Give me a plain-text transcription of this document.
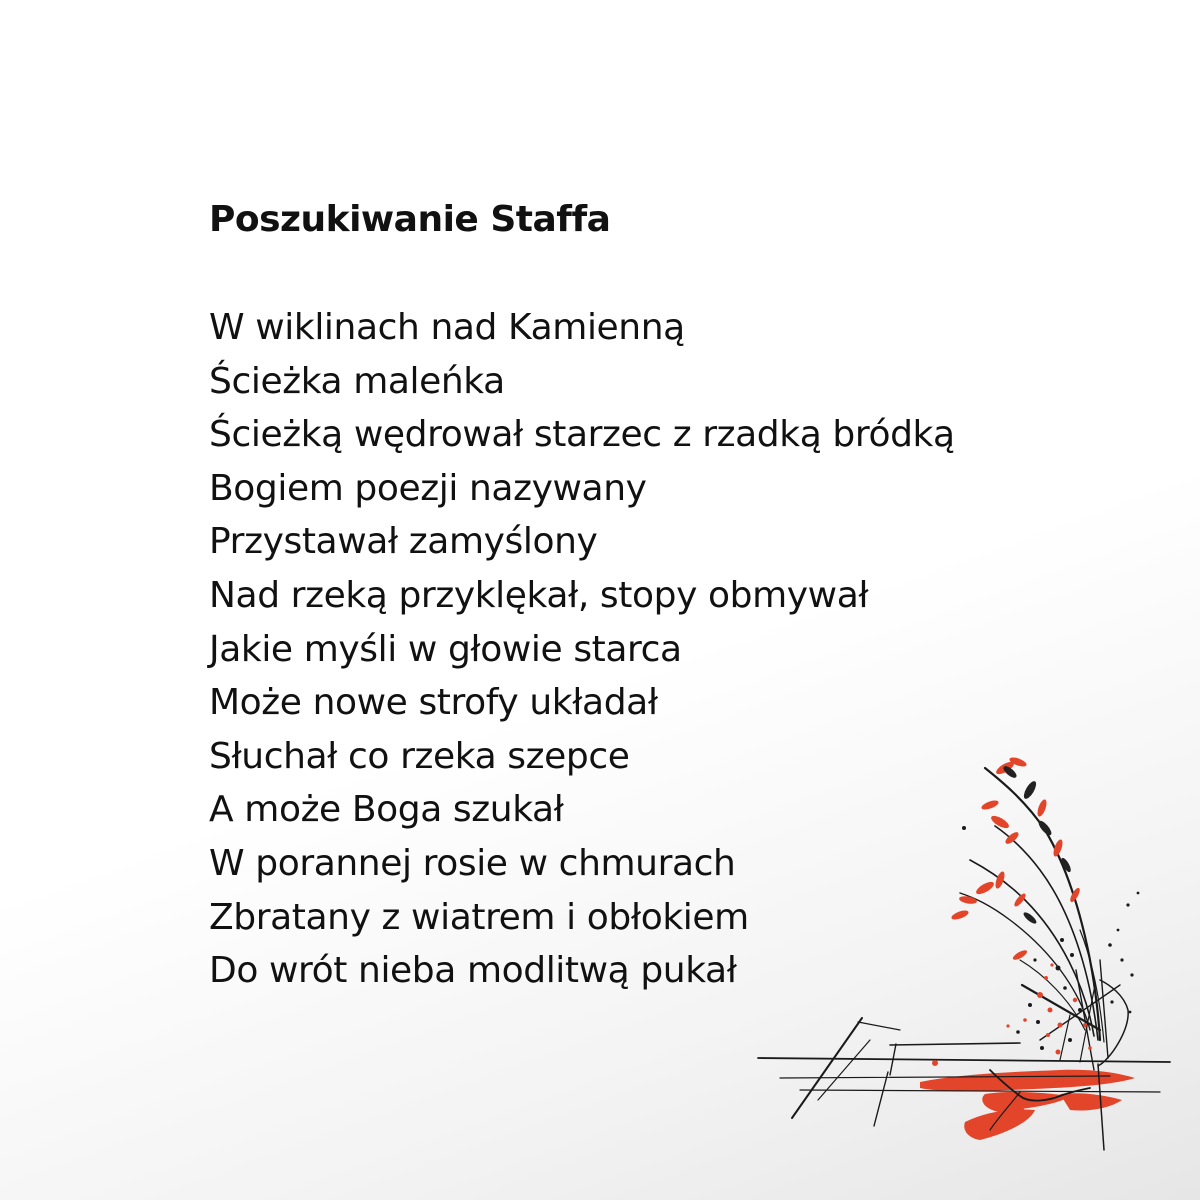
Poszukiwanie Staffa
W wiklinach nad Kamienną
Ścieżka maleńka
Ścieżką wędrował starzec z rzadką bródką
Bogiem poezji nazywany
Przystawał zamyślony
Nad rzeką przyklękał, stopy obmywał
Jakie myśli w głowie starca
Może nowe strofy układał
Słuchał co rzeka szepce
A może Boga szukał
W porannej rosie w chmurach
Zbratany z wiatrem i obłokiem
Do wrót nieba modlitwą pukał
